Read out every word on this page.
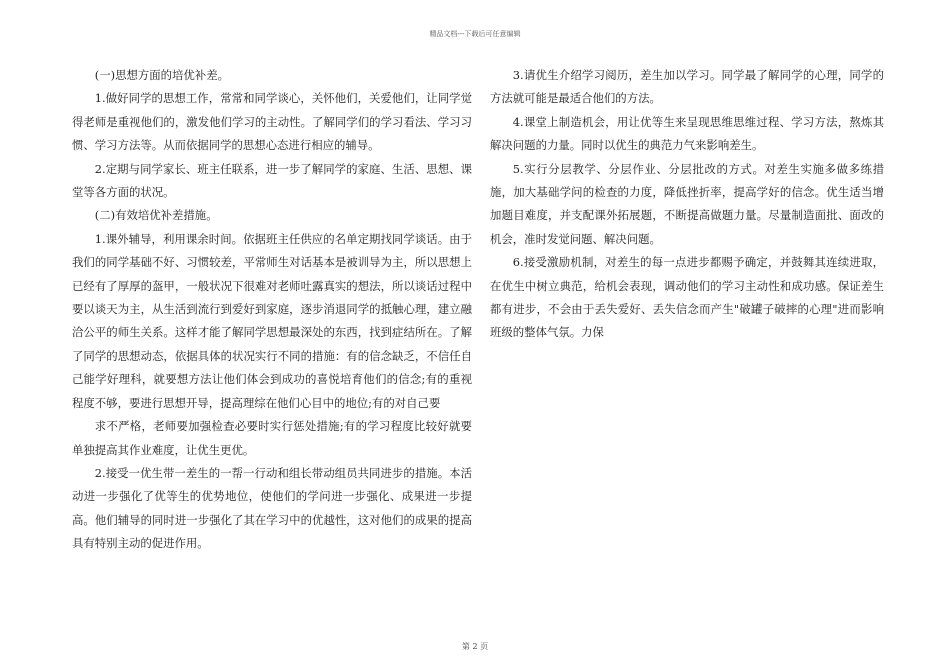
精品文档---下载后可任意编辑

(一)思想方面的培优补差。

1.做好同学的思想工作，常常和同学谈心，关怀他们，关爱他们，让同学觉得老师是重视他们的，激发他们学习的主动性。了解同学们的学习看法、学习习惯、学习方法等。从而依据同学的思想心态进行相应的辅导。

2.定期与同学家长、班主任联系，进一步了解同学的家庭、生活、思想、课堂等各方面的状况。

(二)有效培优补差措施。

1.课外辅导，利用课余时间。依据班主任供应的名单定期找同学谈话。由于我们的同学基础不好、习惯较差，平常师生对话基本是被训导为主，所以思想上已经有了厚厚的盔甲，一般状况下很难对老师吐露真实的想法，所以谈话过程中要以谈天为主，从生活到流行到爱好到家庭，逐步消退同学的抵触心理，建立融洽公平的师生关系。这样才能了解同学思想最深处的东西，找到症结所在。了解了同学的思想动态，依据具体的状况实行不同的措施：有的信念缺乏，不信任自己能学好理科，就要想方法让他们体会到成功的喜悦培育他们的信念;有的重视程度不够，要进行思想开导，提高理综在他们心目中的地位;有的对自己要

求不严格，老师要加强检查必要时实行惩处措施;有的学习程度比较好就要单独提高其作业难度，让优生更优。

2.接受一优生带一差生的一帮一行动和组长带动组员共同进步的措施。本活动进一步强化了优等生的优势地位，使他们的学问进一步强化、成果进一步提高。他们辅导的同时进一步强化了其在学习中的优越性，这对他们的成果的提高具有特别主动的促进作用。

3.请优生介绍学习阅历，差生加以学习。同学最了解同学的心理，同学的方法就可能是最适合他们的方法。

4.课堂上制造机会，用让优等生来呈现思维思维过程、学习方法，熬炼其解决问题的力量。同时以优生的典范力气来影响差生。

5.实行分层教学、分层作业、分层批改的方式。对差生实施多做多练措施，加大基础学问的检查的力度，降低挫折率，提高学好的信念。优生适当增加题目难度，并支配课外拓展题，不断提高做题力量。尽量制造面批、面改的机会，准时发觉问题、解决问题。

6.接受激励机制，对差生的每一点进步都赐予确定，并鼓舞其连续进取，在优生中树立典范，给机会表现，调动他们的学习主动性和成功感。保证差生都有进步，不会由于丢失爱好、丢失信念而产生"破罐子破摔的心理"进而影响班级的整体气氛。力保

第 2 页
